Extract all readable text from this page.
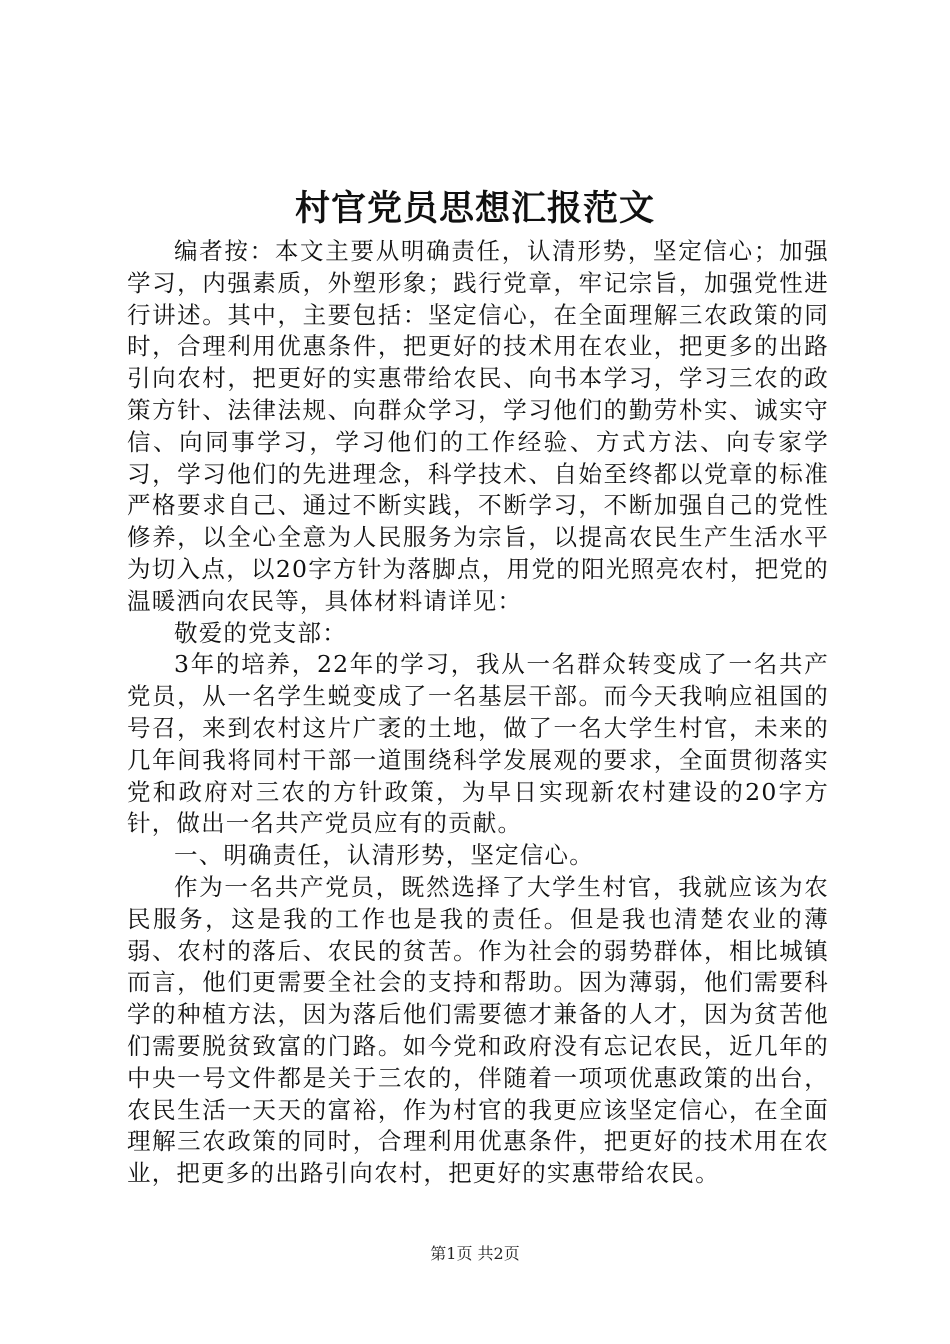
村官党员思想汇报范文

编者按：本文主要从明确责任，认清形势，坚定信心；加强学习，内强素质，外塑形象；践行党章，牢记宗旨，加强党性进行讲述。其中，主要包括：坚定信心，在全面理解三农政策的同时，合理利用优惠条件，把更好的技术用在农业，把更多的出路引向农村，把更好的实惠带给农民、向书本学习，学习三农的政策方针、法律法规、向群众学习，学习他们的勤劳朴实、诚实守信、向同事学习，学习他们的工作经验、方式方法、向专家学习，学习他们的先进理念，科学技术、自始至终都以党章的标准严格要求自己、通过不断实践，不断学习，不断加强自己的党性修养，以全心全意为人民服务为宗旨，以提高农民生产生活水平为切入点，以20字方针为落脚点，用党的阳光照亮农村，把党的温暖洒向农民等，具体材料请详见：

敬爱的党支部：

3年的培养，22年的学习，我从一名群众转变成了一名共产党员，从一名学生蜕变成了一名基层干部。而今天我响应祖国的号召，来到农村这片广袤的土地，做了一名大学生村官，未来的几年间我将同村干部一道围绕科学发展观的要求，全面贯彻落实党和政府对三农的方针政策，为早日实现新农村建设的20字方针，做出一名共产党员应有的贡献。

一、明确责任，认清形势，坚定信心。

作为一名共产党员，既然选择了大学生村官，我就应该为农民服务，这是我的工作也是我的责任。但是我也清楚农业的薄弱、农村的落后、农民的贫苦。作为社会的弱势群体，相比城镇而言，他们更需要全社会的支持和帮助。因为薄弱，他们需要科学的种植方法，因为落后他们需要德才兼备的人才，因为贫苦他们需要脱贫致富的门路。如今党和政府没有忘记农民，近几年的中央一号文件都是关于三农的，伴随着一项项优惠政策的出台，农民生活一天天的富裕，作为村官的我更应该坚定信心，在全面理解三农政策的同时，合理利用优惠条件，把更好的技术用在农业，把更多的出路引向农村，把更好的实惠带给农民。

第1页 共2页
